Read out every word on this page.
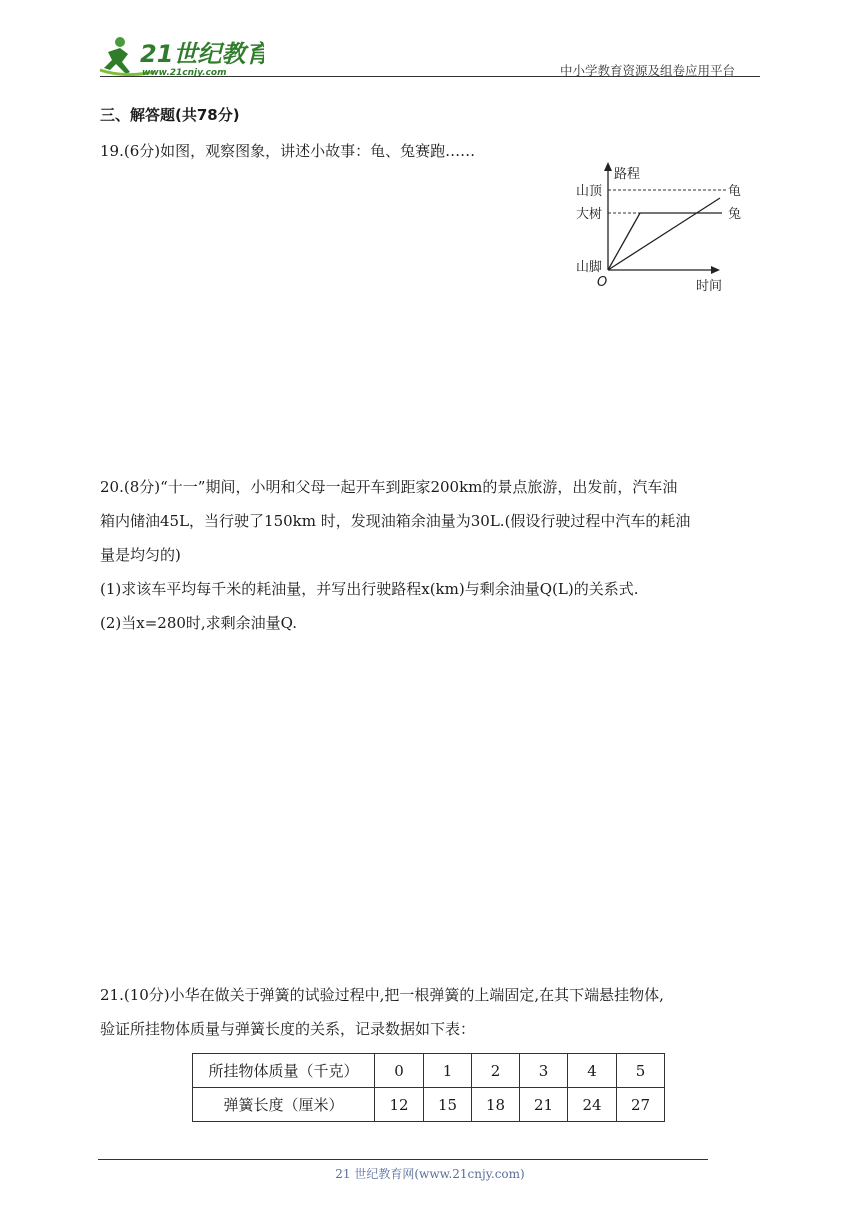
21世纪教育
www.21cnjy.com	中小学教育资源及组卷应用平台
三、解答题(共78分)
19.(6分)如图，观察图象，讲述小故事：龟、兔赛跑……
路程
时间
O
山顶
大树
山脚
龟
兔
20.(8分)“十一”期间，小明和父母一起开车到距家200km的景点旅游，出发前，汽车油
箱内储油45L，当行驶了150km 时，发现油箱余油量为30L.(假设行驶过程中汽车的耗油
量是均匀的)
(1)求该车平均每千米的耗油量，并写出行驶路程x(km)与剩余油量Q(L)的关系式.
(2)当x=280时,求剩余油量Q.
21.(10分)小华在做关于弹簧的试验过程中,把一根弹簧的上端固定,在其下端悬挂物体,
验证所挂物体质量与弹簧长度的关系，记录数据如下表：
所挂物体质量（千克）	0	1	2	3	4	5
弹簧长度（厘米）	12	15	18	21	24	27
21 世纪教育网(www.21cnjy.com)
